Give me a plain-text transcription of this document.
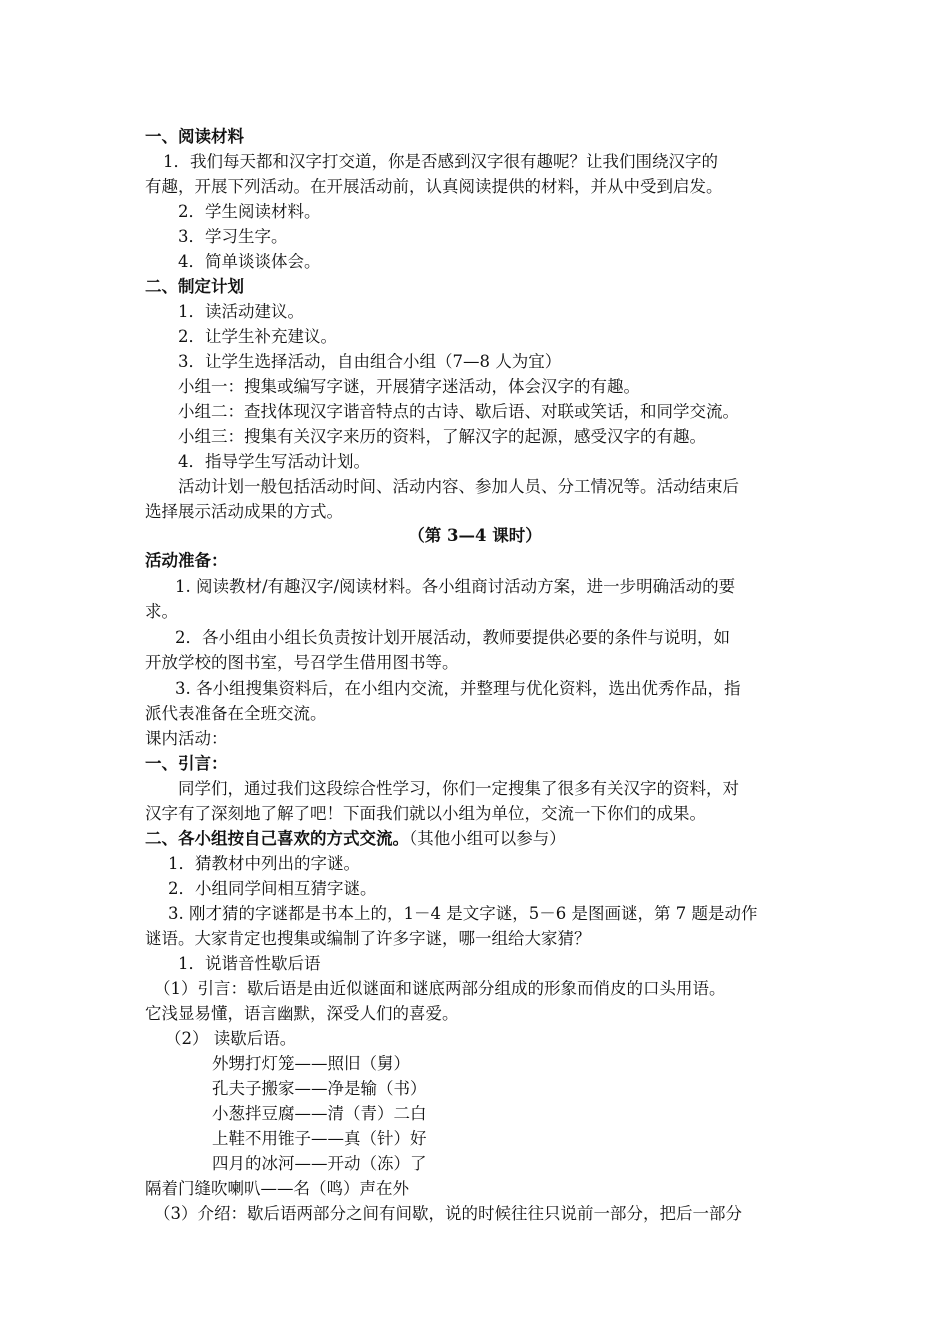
一、阅读材料
1．我们每天都和汉字打交道，你是否感到汉字很有趣呢？让我们围绕汉字的
有趣，开展下列活动。在开展活动前，认真阅读提供的材料，并从中受到启发。
2．学生阅读材料。
3．学习生字。
4．简单谈谈体会。
二、制定计划
1．读活动建议。
2．让学生补充建议。
3．让学生选择活动，自由组合小组（7—8 人为宜）
小组一：搜集或编写字谜，开展猜字迷活动，体会汉字的有趣。
小组二：查找体现汉字谐音特点的古诗、歇后语、对联或笑话，和同学交流。
小组三：搜集有关汉字来历的资料，了解汉字的起源，感受汉字的有趣。
4．指导学生写活动计划。
活动计划一般包括活动时间、活动内容、参加人员、分工情况等。活动结束后
选择展示活动成果的方式。
（第 3—4 课时）
活动准备：
1. 阅读教材/有趣汉字/阅读材料。各小组商讨活动方案，进一步明确活动的要
求。
2．各小组由小组长负责按计划开展活动，教师要提供必要的条件与说明，如
开放学校的图书室，号召学生借用图书等。
3. 各小组搜集资料后，在小组内交流，并整理与优化资料，选出优秀作品，指
派代表准备在全班交流。
课内活动：
一、引言：
同学们，通过我们这段综合性学习，你们一定搜集了很多有关汉字的资料，对
汉字有了深刻地了解了吧！下面我们就以小组为单位，交流一下你们的成果。
二、各小组按自己喜欢的方式交流。（其他小组可以参与）
1．猜教材中列出的字谜。
2．小组同学间相互猜字谜。
3. 刚才猜的字谜都是书本上的，1－4 是文字谜，5－6 是图画谜，第 7 题是动作
谜语。大家肯定也搜集或编制了许多字谜，哪一组给大家猜？
1．说谐音性歇后语
（1）引言：歇后语是由近似谜面和谜底两部分组成的形象而俏皮的口头用语。
它浅显易懂，语言幽默，深受人们的喜爱。
（2） 读歇后语。
外甥打灯笼——照旧（舅）
孔夫子搬家——净是输（书）
小葱拌豆腐——清（青）二白
上鞋不用锥子——真（针）好
四月的冰河——开动（冻）了
隔着门缝吹喇叭——名（鸣）声在外
（3）介绍：歇后语两部分之间有间歇，说的时候往往只说前一部分，把后一部分
